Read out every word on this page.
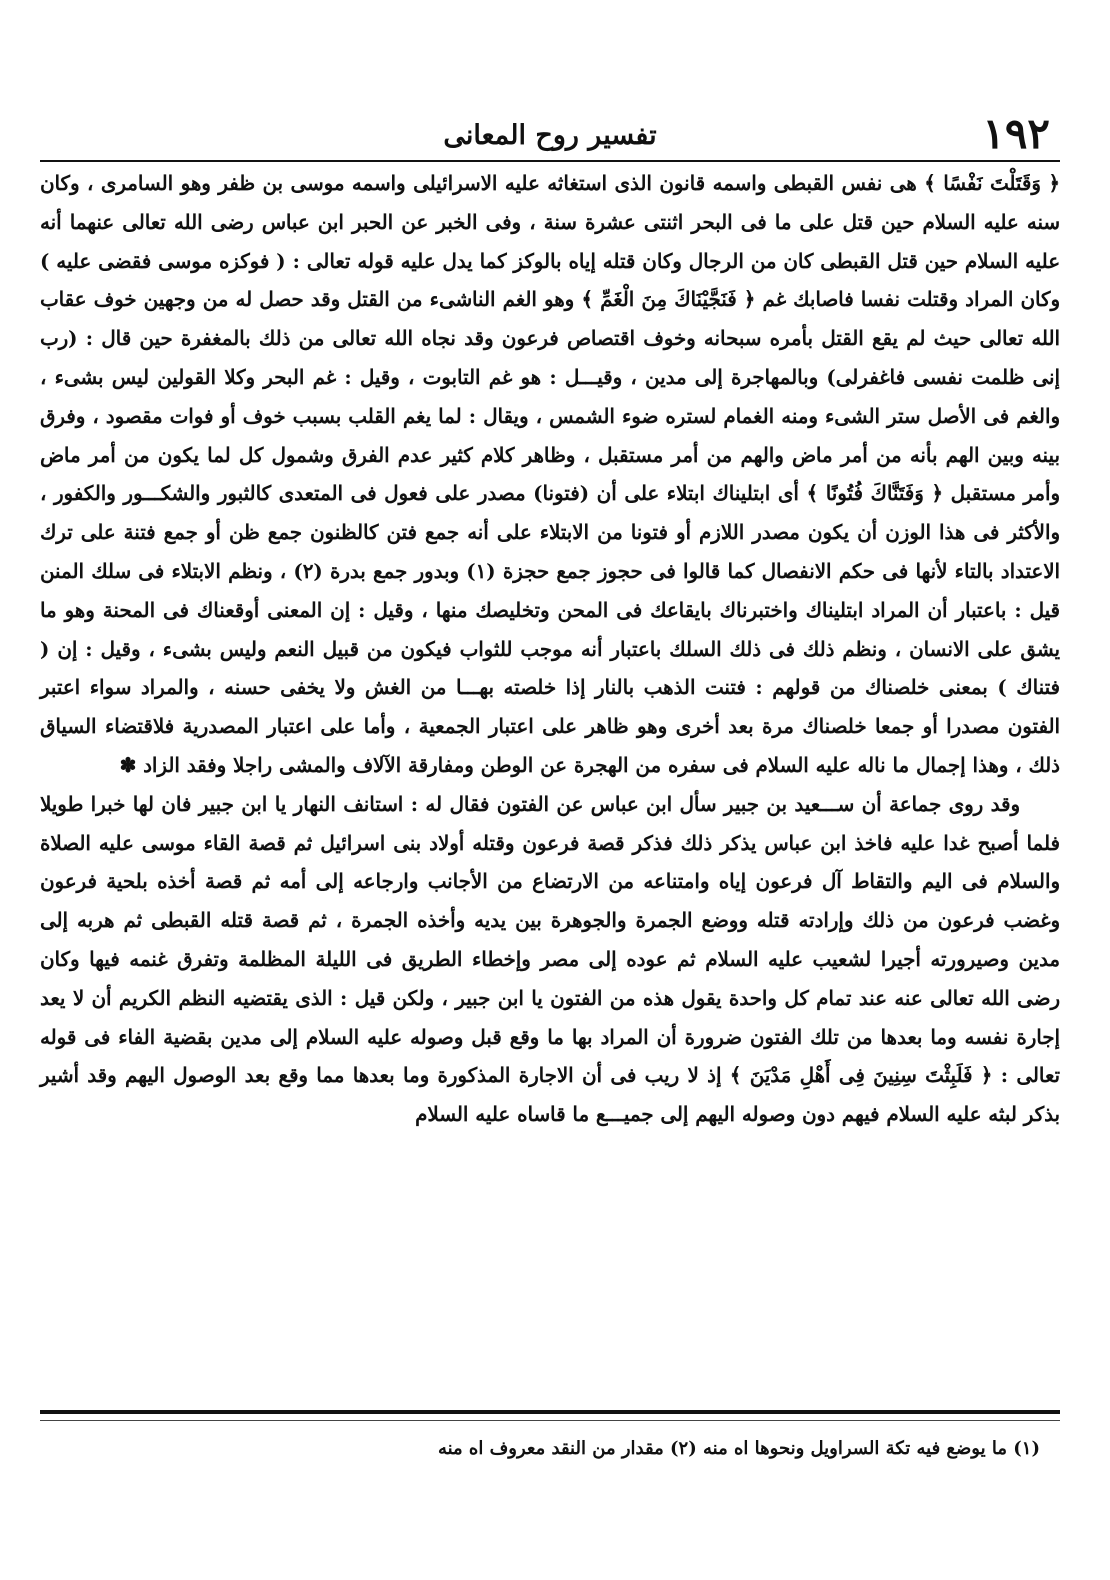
١٩٢
تفسير روح المعانى

﴿ وَقَتَلْتَ نَفْسًا ﴾ هى نفس القبطى واسمه قانون الذى استغاثه عليه الاسرائيلى واسمه موسى بن ظفر وهو السامرى ، وكان سنه عليه السلام حين قتل على ما فى البحر اثنتى عشرة سنة ، وفى الخبر عن الحبر ابن عباس رضى الله تعالى عنهما أنه عليه السلام حين قتل القبطى كان من الرجال وكان قتله إياه بالوكز كما يدل عليه قوله تعالى : ( فوكزه موسى فقضى عليه ) وكان المراد وقتلت نفسا فاصابك غم ﴿ فَنَجَّيْنَاكَ مِنَ الْغَمِّ ﴾ وهو الغم الناشىء من القتل وقد حصل له من وجهين خوف عقاب الله تعالى حيث لم يقع القتل بأمره سبحانه وخوف اقتصاص فرعون وقد نجاه الله تعالى من ذلك بالمغفرة حين قال : (رب إنى ظلمت نفسى فاغفرلى) وبالمهاجرة إلى مدين ، وقيـــل : هو غم التابوت ، وقيل : غم البحر وكلا القولين ليس بشىء ، والغم فى الأصل ستر الشىء ومنه الغمام لستره ضوء الشمس ، ويقال : لما يغم القلب بسبب خوف أو فوات مقصود ، وفرق بينه وبين الهم بأنه من أمر ماض والهم من أمر مستقبل ، وظاهر كلام كثير عدم الفرق وشمول كل لما يكون من أمر ماض وأمر مستقبل ﴿ وَفَتَنَّاكَ فُتُونًا ﴾ أى ابتليناك ابتلاء على أن (فتونا) مصدر على فعول فى المتعدى كالثبور والشكـــور والكفور ، والأكثر فى هذا الوزن أن يكون مصدر اللازم أو فتونا من الابتلاء على أنه جمع فتن كالظنون جمع ظن أو جمع فتنة على ترك الاعتداد بالتاء لأنها فى حكم الانفصال كما قالوا فى حجوز جمع حجزة (١) وبدور جمع بدرة (٢) ، ونظم الابتلاء فى سلك المنن قيل : باعتبار أن المراد ابتليناك واختبرناك بايقاعك فى المحن وتخليصك منها ، وقيل : إن المعنى أوقعناك فى المحنة وهو ما يشق على الانسان ، ونظم ذلك فى ذلك السلك باعتبار أنه موجب للثواب فيكون من قبيل النعم وليس بشىء ، وقيل : إن ( فتناك ) بمعنى خلصناك من قولهم : فتنت الذهب بالنار إذا خلصته بهـــا من الغش ولا يخفى حسنه ، والمراد سواء اعتبر الفتون مصدرا أو جمعا خلصناك مرة بعد أخرى وهو ظاهر على اعتبار الجمعية ، وأما على اعتبار المصدرية فلاقتضاء السياق ذلك ، وهذا إجمال ما ناله عليه السلام فى سفره من الهجرة عن الوطن ومفارقة الآلاف والمشى راجلا وفقد الزاد ✽

وقد روى جماعة أن ســـعيد بن جبير سأل ابن عباس عن الفتون فقال له : استانف النهار يا ابن جبير فان لها خبرا طويلا فلما أصبح غدا عليه فاخذ ابن عباس يذكر ذلك فذكر قصة فرعون وقتله أولاد بنى اسرائيل ثم قصة القاء موسى عليه الصلاة والسلام فى اليم والتقاط آل فرعون إياه وامتناعه من الارتضاع من الأجانب وارجاعه إلى أمه ثم قصة أخذه بلحية فرعون وغضب فرعون من ذلك وإرادته قتله ووضع الجمرة والجوهرة بين يديه وأخذه الجمرة ، ثم قصة قتله القبطى ثم هربه إلى مدين وصيرورته أجيرا لشعيب عليه السلام ثم عوده إلى مصر وإخطاء الطريق فى الليلة المظلمة وتفرق غنمه فيها وكان رضى الله تعالى عنه عند تمام كل واحدة يقول هذه من الفتون يا ابن جبير ، ولكن قيل : الذى يقتضيه النظم الكريم أن لا يعد إجارة نفسه وما بعدها من تلك الفتون ضرورة أن المراد بها ما وقع قبل وصوله عليه السلام إلى مدين بقضية الفاء فى قوله تعالى : ﴿ فَلَبِثْتَ سِنِينَ فِى أَهْلِ مَدْيَنَ ﴾ إذ لا ريب فى أن الاجارة المذكورة وما بعدها مما وقع بعد الوصول اليهم وقد أشير بذكر لبثه عليه السلام فيهم دون وصوله اليهم إلى جميـــع ما قاساه عليه السلام

(١) ما يوضع فيه تكة السراويل ونحوها اه منه (٢) مقدار من النقد معروف اه منه
